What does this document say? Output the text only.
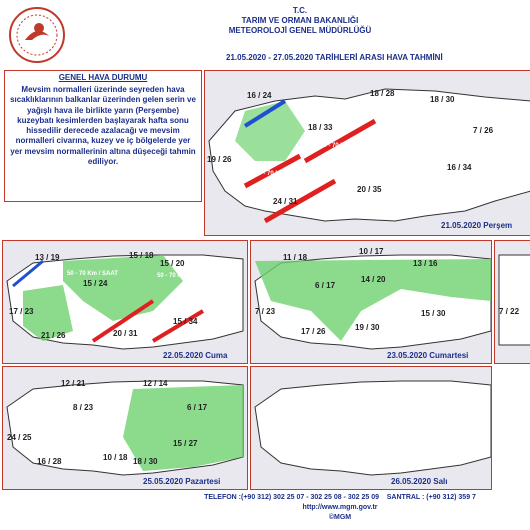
T.C.
TARIM VE ORMAN BAKANLIĞI
METEOROLOJİ GENEL MÜDÜRLÜĞÜ
21.05.2020 - 27.05.2020 TARİHLERİ ARASI HAVA TAHMİNİ
GENEL HAVA DURUMU
Mevsim normalleri üzerinde seyreden hava sıcaklıklarının balkanlar üzerinden gelen serin ve yağışlı hava ile birlikte yarın (Perşembe) kuzeybatı kesimlerden başlayarak hafta sonu hissedilir derecede azalacağı ve mevsim normalleri civarına, kuzey ve iç bölgelerde yer yer mevsim normallerinin altına düşeceği tahmin ediliyor.
16 / 24	18 / 28
18 / 30
18 / 33	7 / 26
19 / 26
16 / 34
20 / 35
24 / 31
50 - 70 Km / SAAT
50 - 70 Km / SAAT
21.05.2020 Perşem
13 / 19	15 / 18
15 / 20
15 / 24
17 / 23
21 / 26	20 / 31
15 / 34
50 - 70 Km / SAAT	50 - 70 Km / SAAT
22.05.2020 Cuma
10 / 17
11 / 18
13 / 16
6 / 17
14 / 20
7 / 23	15 / 30
17 / 26	19 / 30
23.05.2020 Cumartesi
7 / 22
12 / 21	12 / 14
6 / 17
8 / 23
10 / 18
15 / 27
16 / 28	18 / 30
24 / 25
25.05.2020 Pazartesi	26.05.2020 Salı
TELEFON :(+90 312) 302 25 07 - 302 25 08 - 302 25 09 SANTRAL : (+90 312) 359 7
http://www.mgm.gov.tr
©MGM
